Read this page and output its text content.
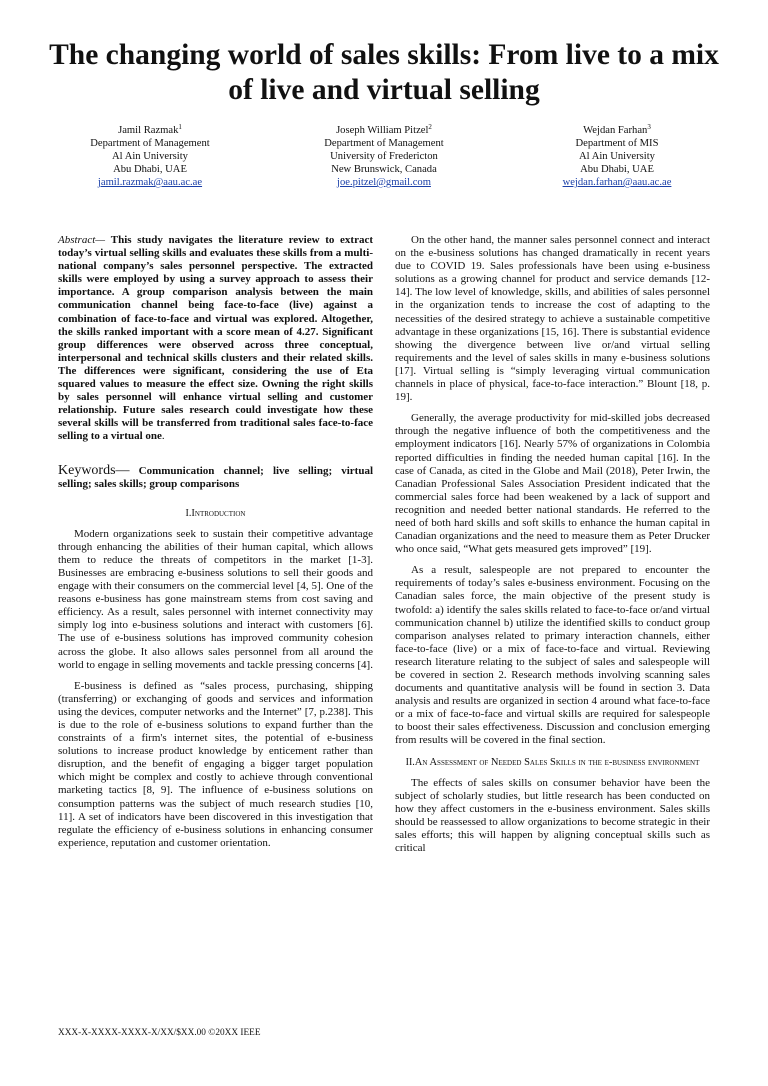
The changing world of sales skills: From live to a mix of live and virtual selling
Jamil Razmak$^1$
Department of Management
Al Ain University
Abu Dhabi, UAE
jamil.razmak@aau.ac.ae
Joseph William Pitzel$^2$
Department of Management
University of Fredericton
New Brunswick, Canada
joe.pitzel@gmail.com
Wejdan Farhan$^3$
Department of MIS
Al Ain University
Abu Dhabi, UAE
wejdan.farhan@aau.ac.ae

Abstract— This study navigates the literature review to extract today’s virtual selling skills and evaluates these skills from a multi-national company’s sales personnel perspective. The extracted skills were employed by using a survey approach to assess their importance. A group comparison analysis between the main communication channel being face-to-face (live) against a combination of face-to-face and virtual was explored. Altogether, the skills ranked important with a score mean of 4.27. Significant group differences were observed across three conceptual, interpersonal and technical skills clusters and their related skills. The differences were significant, considering the use of Eta squared values to measure the effect size. Owning the right skills by sales personnel will enhance virtual selling and customer relationship. Future sales research could investigate how these several skills will be transferred from traditional sales face-to-face selling to a virtual one.

Keywords— Communication channel; live selling; virtual selling; sales skills; group comparisons

I.Introduction

Modern organizations seek to sustain their competitive advantage through enhancing the abilities of their human capital, which allows them to reduce the threats of competitors in the market [1-3]. Businesses are embracing e-business solutions to sell their goods and engage with their consumers on the commercial level [4, 5]. One of the reasons e-business has gone mainstream stems from cost saving and efficiency. As a result, sales personnel with internet connectivity may simply log into e-business solutions and interact with customers [6]. The use of e-business solutions has improved community cohesion across the globe. It also allows sales personnel from all around the world to engage in selling movements and tackle pressing concerns [4].

E-business is defined as “sales process, purchasing, shipping (transferring) or exchanging of goods and services and information using the devices, computer networks and the Internet” [7, p.238]. This is due to the role of e-business solutions to expand further than the constraints of a firm's internet sites, the potential of e-business solutions to increase product knowledge by enticement rather than disruption, and the benefit of engaging a bigger target population which might be complex and costly to achieve through conventional marketing tactics [8, 9]. The influence of e-business solutions on consumption patterns was the subject of much research studies [10, 11]. A set of indicators have been discovered in this investigation that regulate the efficiency of e-business solutions in enhancing consumer experience, reputation and customer orientation.

On the other hand, the manner sales personnel connect and interact on the e-business solutions has changed dramatically in recent years due to COVID 19. Sales professionals have been using e-business solutions as a growing channel for product and service demands [12-14]. The low level of knowledge, skills, and abilities of sales personnel in the organization tends to increase the cost of adapting to the necessities of the desired strategy to achieve a sustainable competitive advantage in these organizations [15, 16]. There is substantial evidence showing the divergence between live or/and virtual selling requirements and the level of sales skills in many e-business solutions [17]. Virtual selling is “simply leveraging virtual communication channels in place of physical, face-to-face interaction.” Blount [18, p. 19].

Generally, the average productivity for mid-skilled jobs decreased through the negative influence of both the competitiveness and the employment indicators [16]. Nearly 57% of organizations in Colombia reported difficulties in finding the needed human capital [16]. In the case of Canada, as cited in the Globe and Mail (2018), Peter Irwin, the Canadian Professional Sales Association President indicated that the commercial sales force had been weakened by a lack of support and recognition and needed better national standards. He referred to the need of both hard skills and soft skills to enhance the human capital in Canadian organizations and the need to measure them as Peter Drucker who once said, “What gets measured gets improved” [19].

As a result, salespeople are not prepared to encounter the requirements of today’s sales e-business environment. Focusing on the Canadian sales force, the main objective of the present study is twofold: a) identify the sales skills related to face-to-face or/and virtual communication channel b) utilize the identified skills to conduct group comparison analyses related to primary interaction channels, either face-to-face (live) or a mix of face-to-face and virtual. Reviewing research literature relating to the subject of sales and salespeople will be covered in section 2. Research methods involving scanning sales documents and quantitative analysis will be found in section 3. Data analysis and results are organized in section 4 around what face-to-face or a mix of face-to-face and virtual skills are required for salespeople to boost their sales effectiveness. Discussion and conclusion emerging from results will be covered in the final section.

II.An Assessment of Needed Sales Skills in the e-business environment

The effects of sales skills on consumer behavior have been the subject of scholarly studies, but little research has been conducted on how they affect customers in the e-business environment. Sales skills should be reassessed to allow organizations to become strategic in their sales efforts; this will happen by aligning conceptual skills such as critical

XXX-X-XXXX-XXXX-X/XX/$XX.00 ©20XX IEEE
